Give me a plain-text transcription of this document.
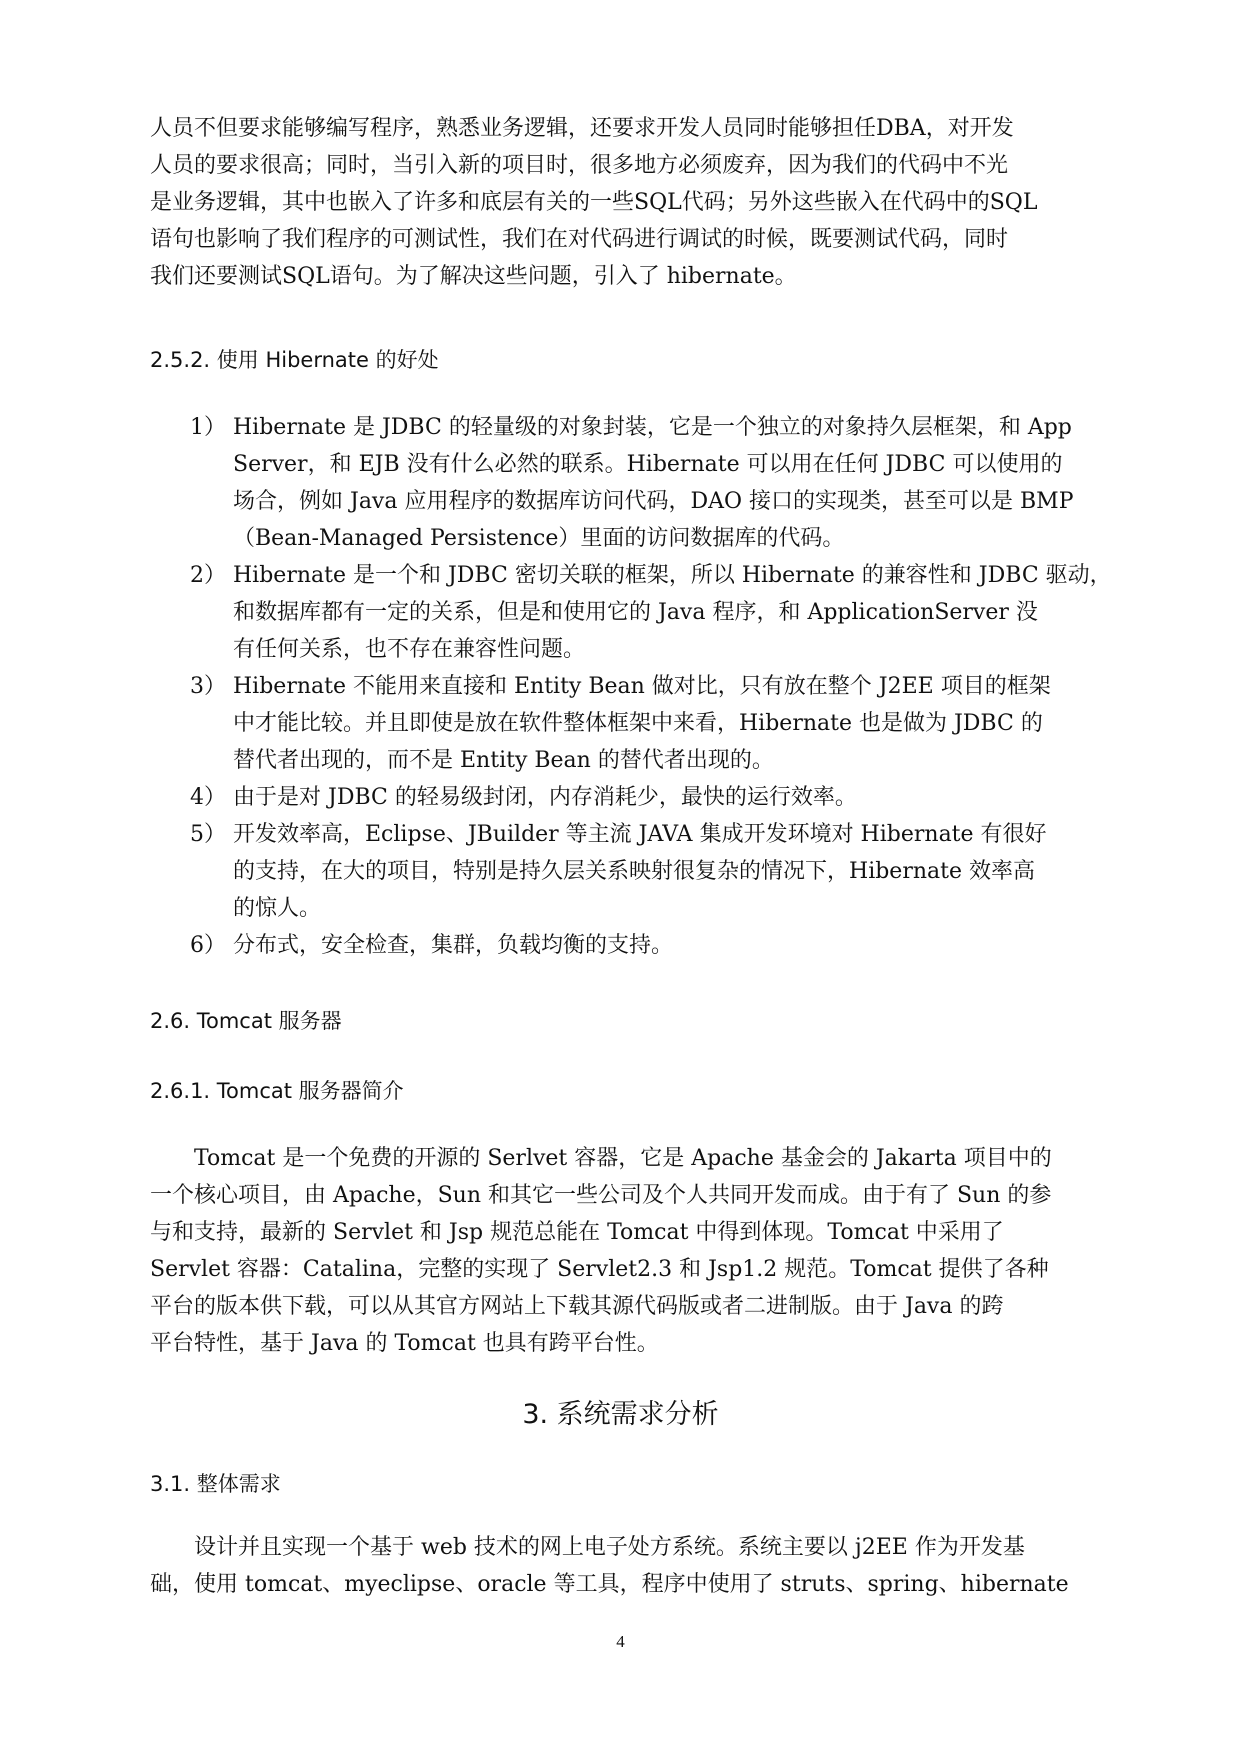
人员不但要求能够编写程序，熟悉业务逻辑，还要求开发人员同时能够担任DBA，对开发
人员的要求很高；同时，当引入新的项目时，很多地方必须废弃，因为我们的代码中不光
是业务逻辑，其中也嵌入了许多和底层有关的一些SQL代码；另外这些嵌入在代码中的SQL
语句也影响了我们程序的可测试性，我们在对代码进行调试的时候，既要测试代码，同时
我们还要测试SQL语句。为了解决这些问题，引入了 hibernate。
2.5.2. 使用 Hibernate 的好处
1） Hibernate 是 JDBC 的轻量级的对象封装，它是一个独立的对象持久层框架，和 App
Server，和 EJB 没有什么必然的联系。Hibernate 可以用在任何 JDBC 可以使用的
场合，例如 Java 应用程序的数据库访问代码，DAO 接口的实现类，甚至可以是 BMP
（Bean-Managed Persistence）里面的访问数据库的代码。
2） Hibernate 是一个和 JDBC 密切关联的框架，所以 Hibernate 的兼容性和 JDBC 驱动，
和数据库都有一定的关系，但是和使用它的 Java 程序，和 ApplicationServer 没
有任何关系，也不存在兼容性问题。
3） Hibernate 不能用来直接和 Entity Bean 做对比，只有放在整个 J2EE 项目的框架
中才能比较。并且即使是放在软件整体框架中来看，Hibernate 也是做为 JDBC 的
替代者出现的，而不是 Entity Bean 的替代者出现的。
4） 由于是对 JDBC 的轻易级封闭，内存消耗少，最快的运行效率。
5） 开发效率高，Eclipse、JBuilder 等主流 JAVA 集成开发环境对 Hibernate 有很好
的支持，在大的项目，特别是持久层关系映射很复杂的情况下，Hibernate 效率高
的惊人。
6） 分布式，安全检查，集群，负载均衡的支持。
2.6. Tomcat 服务器
2.6.1. Tomcat 服务器简介
Tomcat 是一个免费的开源的 Serlvet 容器，它是 Apache 基金会的 Jakarta 项目中的
一个核心项目，由 Apache，Sun 和其它一些公司及个人共同开发而成。由于有了 Sun 的参
与和支持，最新的 Servlet 和 Jsp 规范总能在 Tomcat 中得到体现。Tomcat 中采用了
Servlet 容器：Catalina，完整的实现了 Servlet2.3 和 Jsp1.2 规范。Tomcat 提供了各种
平台的版本供下载，可以从其官方网站上下载其源代码版或者二进制版。由于 Java 的跨
平台特性，基于 Java 的 Tomcat 也具有跨平台性。
3. 系统需求分析
3.1. 整体需求
设计并且实现一个基于 web 技术的网上电子处方系统。系统主要以 j2EE 作为开发基
础，使用 tomcat、myeclipse、oracle 等工具，程序中使用了 struts、spring、hibernate
4
